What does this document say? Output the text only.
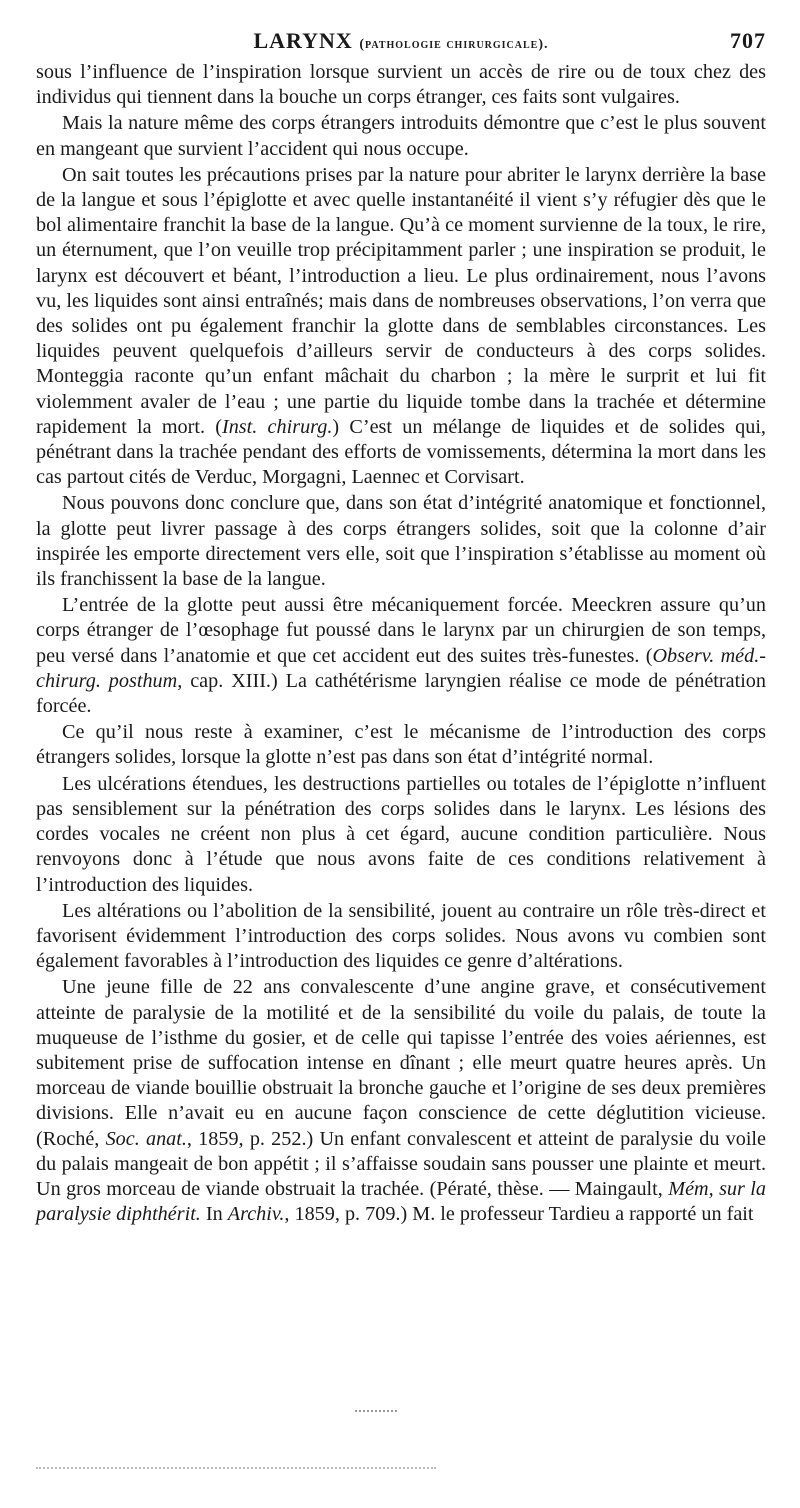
LARYNX (pathologie chirurgicale).	707

sous l’influence de l’inspiration lorsque survient un accès de rire ou de toux chez des individus qui tiennent dans la bouche un corps étranger, ces faits sont vulgaires.

Mais la nature même des corps étrangers introduits démontre que c’est le plus souvent en mangeant que survient l’accident qui nous occupe.

On sait toutes les précautions prises par la nature pour abriter le larynx derrière la base de la langue et sous l’épiglotte et avec quelle instantanéité il vient s’y réfugier dès que le bol alimentaire franchit la base de la langue. Qu’à ce moment survienne de la toux, le rire, un éternument, que l’on veuille trop précipitamment parler ; une inspiration se produit, le larynx est découvert et béant, l’introduction a lieu. Le plus ordinairement, nous l’avons vu, les liquides sont ainsi entraînés; mais dans de nombreuses observations, l’on verra que des solides ont pu également franchir la glotte dans de semblables circonstances. Les liquides peuvent quelquefois d’ailleurs servir de conducteurs à des corps solides. Monteggia raconte qu’un enfant mâchait du charbon ; la mère le surprit et lui fit violemment avaler de l’eau ; une partie du liquide tombe dans la trachée et détermine rapidement la mort. (Inst. chirurg.) C’est un mélange de liquides et de solides qui, pénétrant dans la trachée pendant des efforts de vomissements, détermina la mort dans les cas partout cités de Verduc, Morgagni, Laennec et Corvisart.

Nous pouvons donc conclure que, dans son état d’intégrité anatomique et fonctionnel, la glotte peut livrer passage à des corps étrangers solides, soit que la colonne d’air inspirée les emporte directement vers elle, soit que l’inspiration s’établisse au moment où ils franchissent la base de la langue.

L’entrée de la glotte peut aussi être mécaniquement forcée. Meeckren assure qu’un corps étranger de l’œsophage fut poussé dans le larynx par un chirurgien de son temps, peu versé dans l’anatomie et que cet accident eut des suites très-funestes. (Observ. méd.-chirurg. posthum, cap. XIII.) La cathétérisme laryngien réalise ce mode de pénétration forcée.

Ce qu’il nous reste à examiner, c’est le mécanisme de l’introduction des corps étrangers solides, lorsque la glotte n’est pas dans son état d’intégrité normal.

Les ulcérations étendues, les destructions partielles ou totales de l’épiglotte n’influent pas sensiblement sur la pénétration des corps solides dans le larynx. Les lésions des cordes vocales ne créent non plus à cet égard, aucune condition particulière. Nous renvoyons donc à l’étude que nous avons faite de ces conditions relativement à l’introduction des liquides.

Les altérations ou l’abolition de la sensibilité, jouent au contraire un rôle très-direct et favorisent évidemment l’introduction des corps solides. Nous avons vu combien sont également favorables à l’introduction des liquides ce genre d’altérations.

Une jeune fille de 22 ans convalescente d’une angine grave, et consécutivement atteinte de paralysie de la motilité et de la sensibilité du voile du palais, de toute la muqueuse de l’isthme du gosier, et de celle qui tapisse l’entrée des voies aériennes, est subitement prise de suffocation intense en dînant ; elle meurt quatre heures après. Un morceau de viande bouillie obstruait la bronche gauche et l’origine de ses deux premières divisions. Elle n’avait eu en aucune façon conscience de cette déglutition vicieuse. (Roché, Soc. anat., 1859, p. 252.) Un enfant convalescent et atteint de paralysie du voile du palais mangeait de bon appétit ; il s’affaisse soudain sans pousser une plainte et meurt. Un gros morceau de viande obstruait la trachée. (Pératé, thèse. — Maingault, Mém, sur la paralysie diphthérit. In Archiv., 1859, p. 709.) M. le professeur Tardieu a rapporté un fait
